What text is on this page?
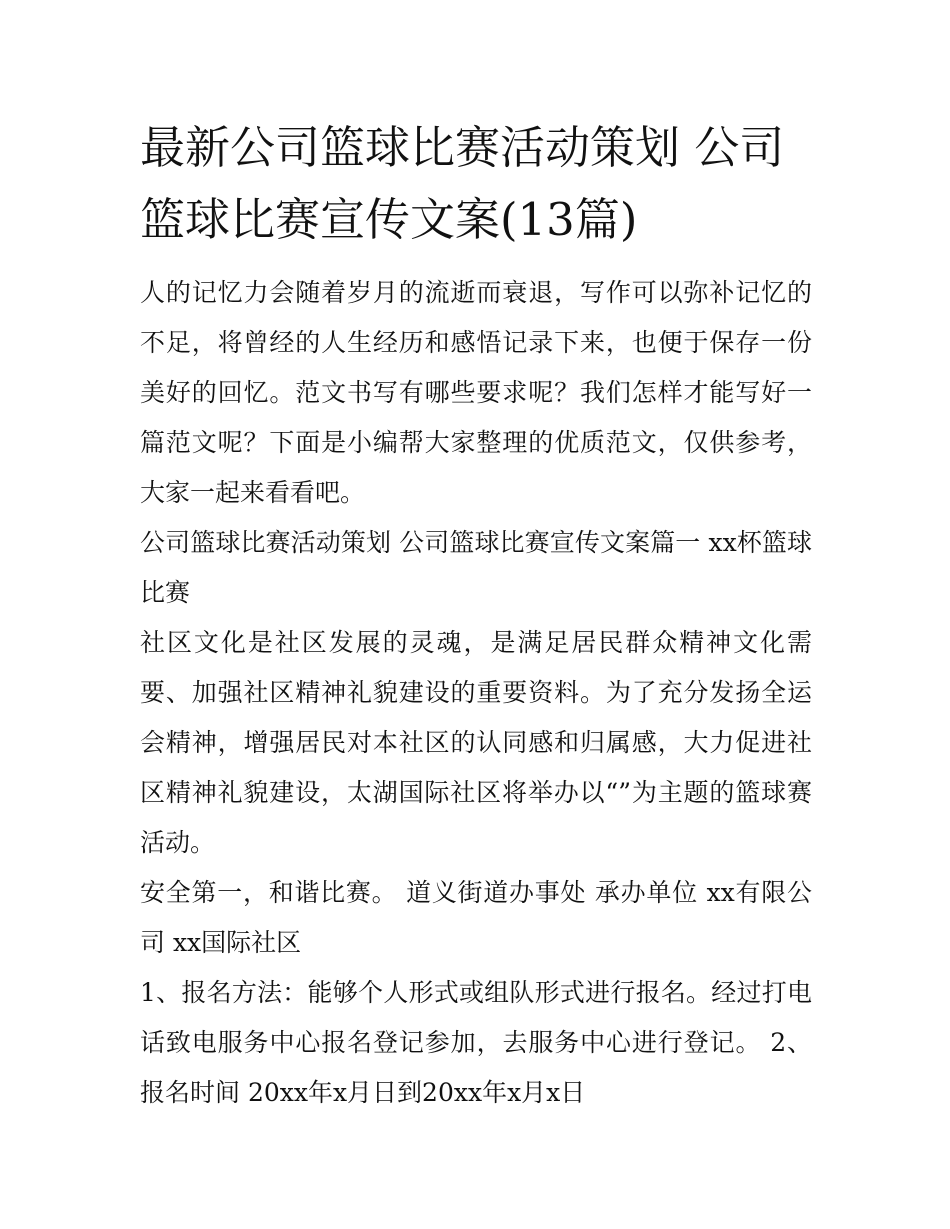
最新公司篮球比赛活动策划 公司篮球比赛宣传文案(13篇)

人的记忆力会随着岁月的流逝而衰退，写作可以弥补记忆的不足，将曾经的人生经历和感悟记录下来，也便于保存一份美好的回忆。范文书写有哪些要求呢？我们怎样才能写好一篇范文呢？下面是小编帮大家整理的优质范文，仅供参考，大家一起来看看吧。

公司篮球比赛活动策划 公司篮球比赛宣传文案篇一 xx杯篮球比赛

社区文化是社区发展的灵魂，是满足居民群众精神文化需要、加强社区精神礼貌建设的重要资料。为了充分发扬全运会精神，增强居民对本社区的认同感和归属感，大力促进社区精神礼貌建设，太湖国际社区将举办以“”为主题的篮球赛活动。

安全第一，和谐比赛。 道义街道办事处 承办单位 xx有限公司 xx国际社区

1、报名方法：能够个人形式或组队形式进行报名。经过打电话致电服务中心报名登记参加，去服务中心进行登记。 2、报名时间 20xx年x月日到20xx年x月x日
